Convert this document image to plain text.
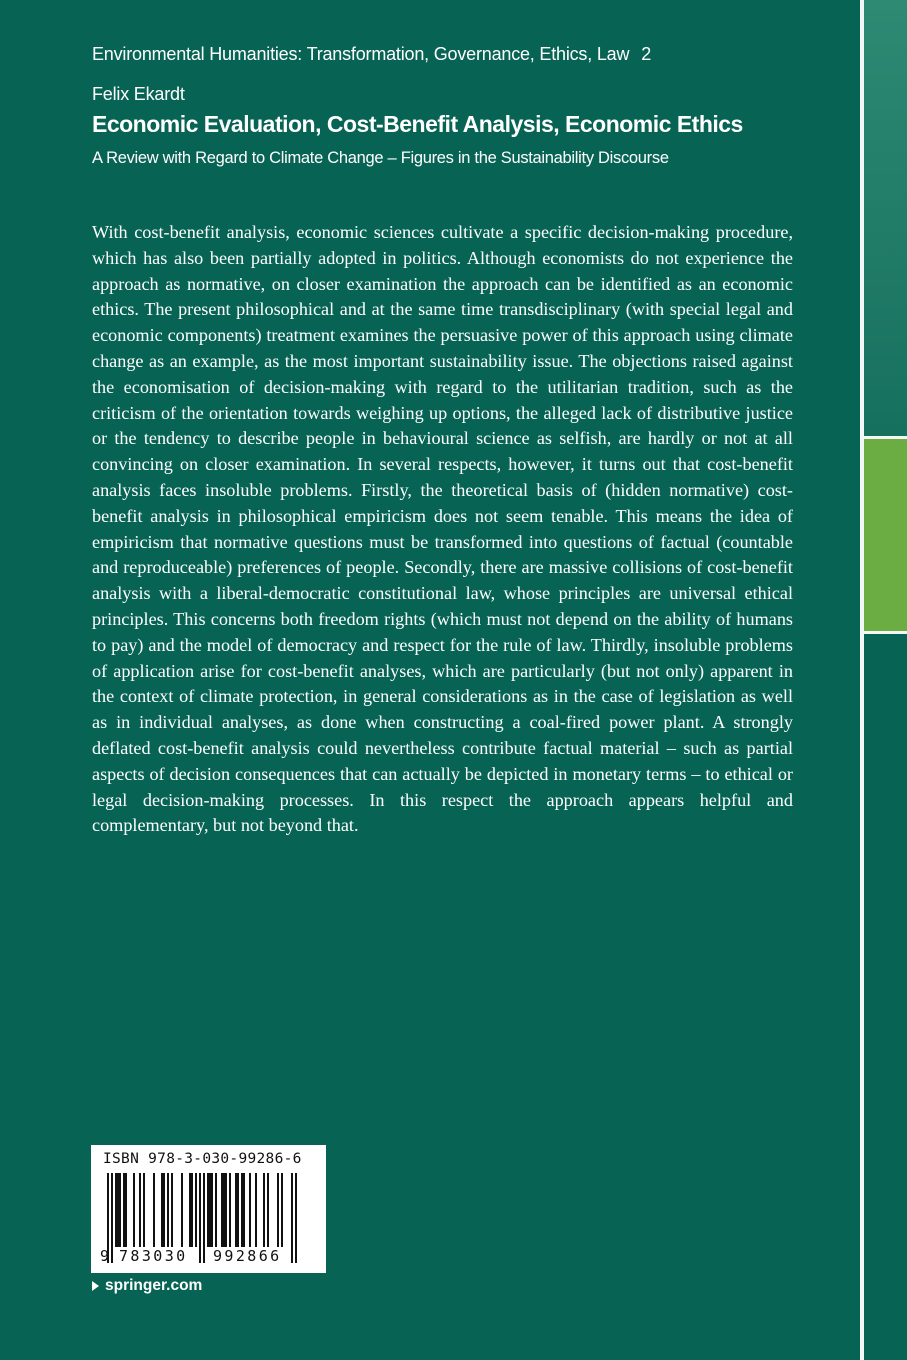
Environmental Humanities: Transformation, Governance, Ethics, Law 2
Felix Ekardt
Economic Evaluation, Cost-Benefit Analysis, Economic Ethics
A Review with Regard to Climate Change – Figures in the Sustainability Discourse

With cost-benefit analysis, economic sciences cultivate a specific decision-making procedure, which has also been partially adopted in politics. Although economists do not experience the approach as normative, on closer examination the approach can be identified as an economic ethics. The present philosophical and at the same time transdisciplinary (with special legal and economic components) treatment examines the persuasive power of this approach using climate change as an example, as the most important sustainability issue. The objections raised against the economisation of decision-making with regard to the utilitarian tradition, such as the criticism of the orientation towards weighing up options, the alleged lack of distributive justice or the tendency to describe people in behavioural science as selfish, are hardly or not at all convincing on closer examination. In several respects, however, it turns out that cost-benefit analysis faces insoluble problems. Firstly, the theoretical basis of (hidden normative) cost-benefit analysis in philosophical empiricism does not seem tenable. This means the idea of empiricism that normative questions must be transformed into questions of factual (countable and reproduceable) preferences of people. Secondly, there are massive collisions of cost-benefit analysis with a liberal-democratic constitutional law, whose principles are universal ethical principles. This concerns both freedom rights (which must not depend on the ability of humans to pay) and the model of democracy and respect for the rule of law. Thirdly, insoluble problems of application arise for cost-benefit analyses, which are particularly (but not only) apparent in the context of climate protection, in general considerations as in the case of legislation as well as in individual analyses, as done when constructing a coal-fired power plant. A strongly deflated cost-benefit analysis could nevertheless contribute factual material – such as partial aspects of decision consequences that can actually be depicted in monetary terms – to ethical or legal decision-making processes. In this respect the approach appears helpful and complementary, but not beyond that.

ISBN 978-3-030-99286-6
9 783030 992866
springer.com
